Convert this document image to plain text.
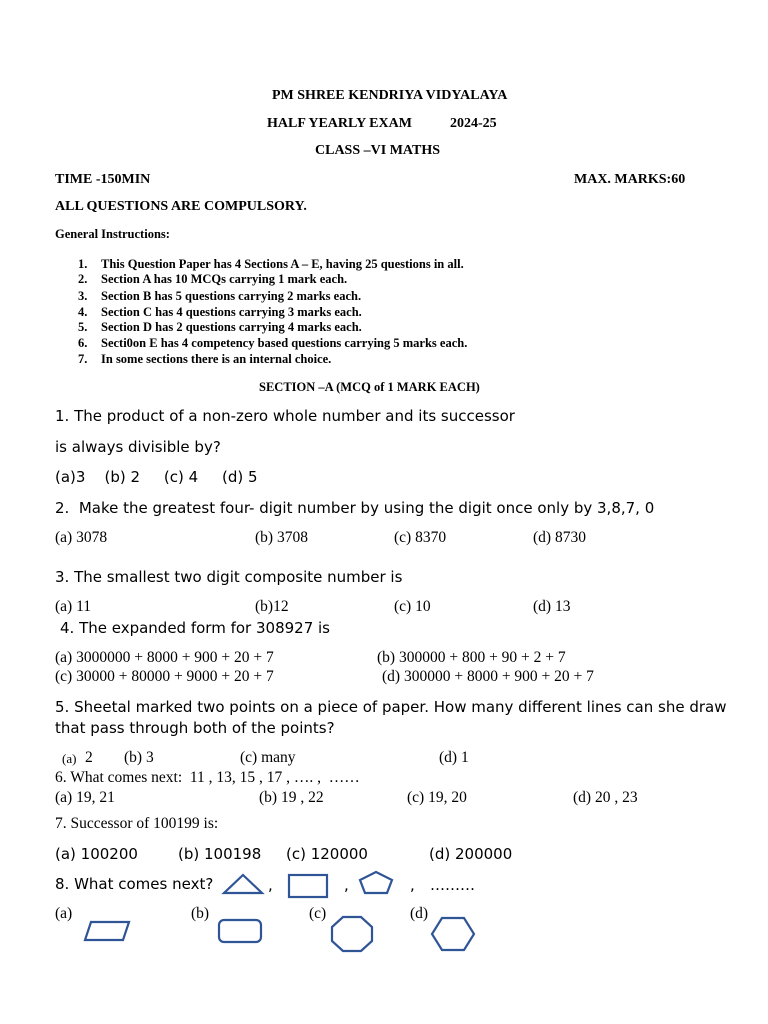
PM SHREE KENDRIYA VIDYALAYA
HALF YEARLY EXAM	2024-25
CLASS –VI MATHS
TIME -150MIN	MAX. MARKS:60
ALL QUESTIONS ARE COMPULSORY.
General Instructions:
1. This Question Paper has 4 Sections A – E, having 25 questions in all.
2. Section A has 10 MCQs carrying 1 mark each.
3. Section B has 5 questions carrying 2 marks each.
4. Section C has 4 questions carrying 3 marks each.
5. Section D has 2 questions carrying 4 marks each.
6. Secti0on E has 4 competency based questions carrying 5 marks each.
7. In some sections there is an internal choice.
SECTION –A (MCQ of 1 MARK EACH)
1. The product of a non-zero whole number and its successor
is always divisible by?
(a)3    (b) 2     (c) 4     (d) 5
2.  Make the greatest four- digit number by using the digit once only by 3,8,7, 0
(a) 3078	(b) 3708	(c) 8370	(d) 8730
3. The smallest two digit composite number is
(a) 11	(b)12	(c) 10	(d) 13
4. The expanded form for 308927 is
(a) 3000000 + 8000 + 900 + 20 + 7	(b) 300000 + 800 + 90 + 2 + 7
(c) 30000 + 80000 + 9000 + 20 + 7	(d) 300000 + 8000 + 900 + 20 + 7
5. Sheetal marked two points on a piece of paper. How many different lines can she draw
that pass through both of the points?
(a) 2 (b) 3	(c) many	(d) 1
6. What comes next:  11 , 13, 15 , 17 , …. ,  ……
(a) 19, 21	(b) 19 , 22	(c) 19, 20	(d) 20 , 23
7. Successor of 100199 is:
(a) 100200	(b) 100198 (c) 120000	(d) 200000
8. What comes next?	,	,	, ………
(a)	(b)	(c)	(d)
